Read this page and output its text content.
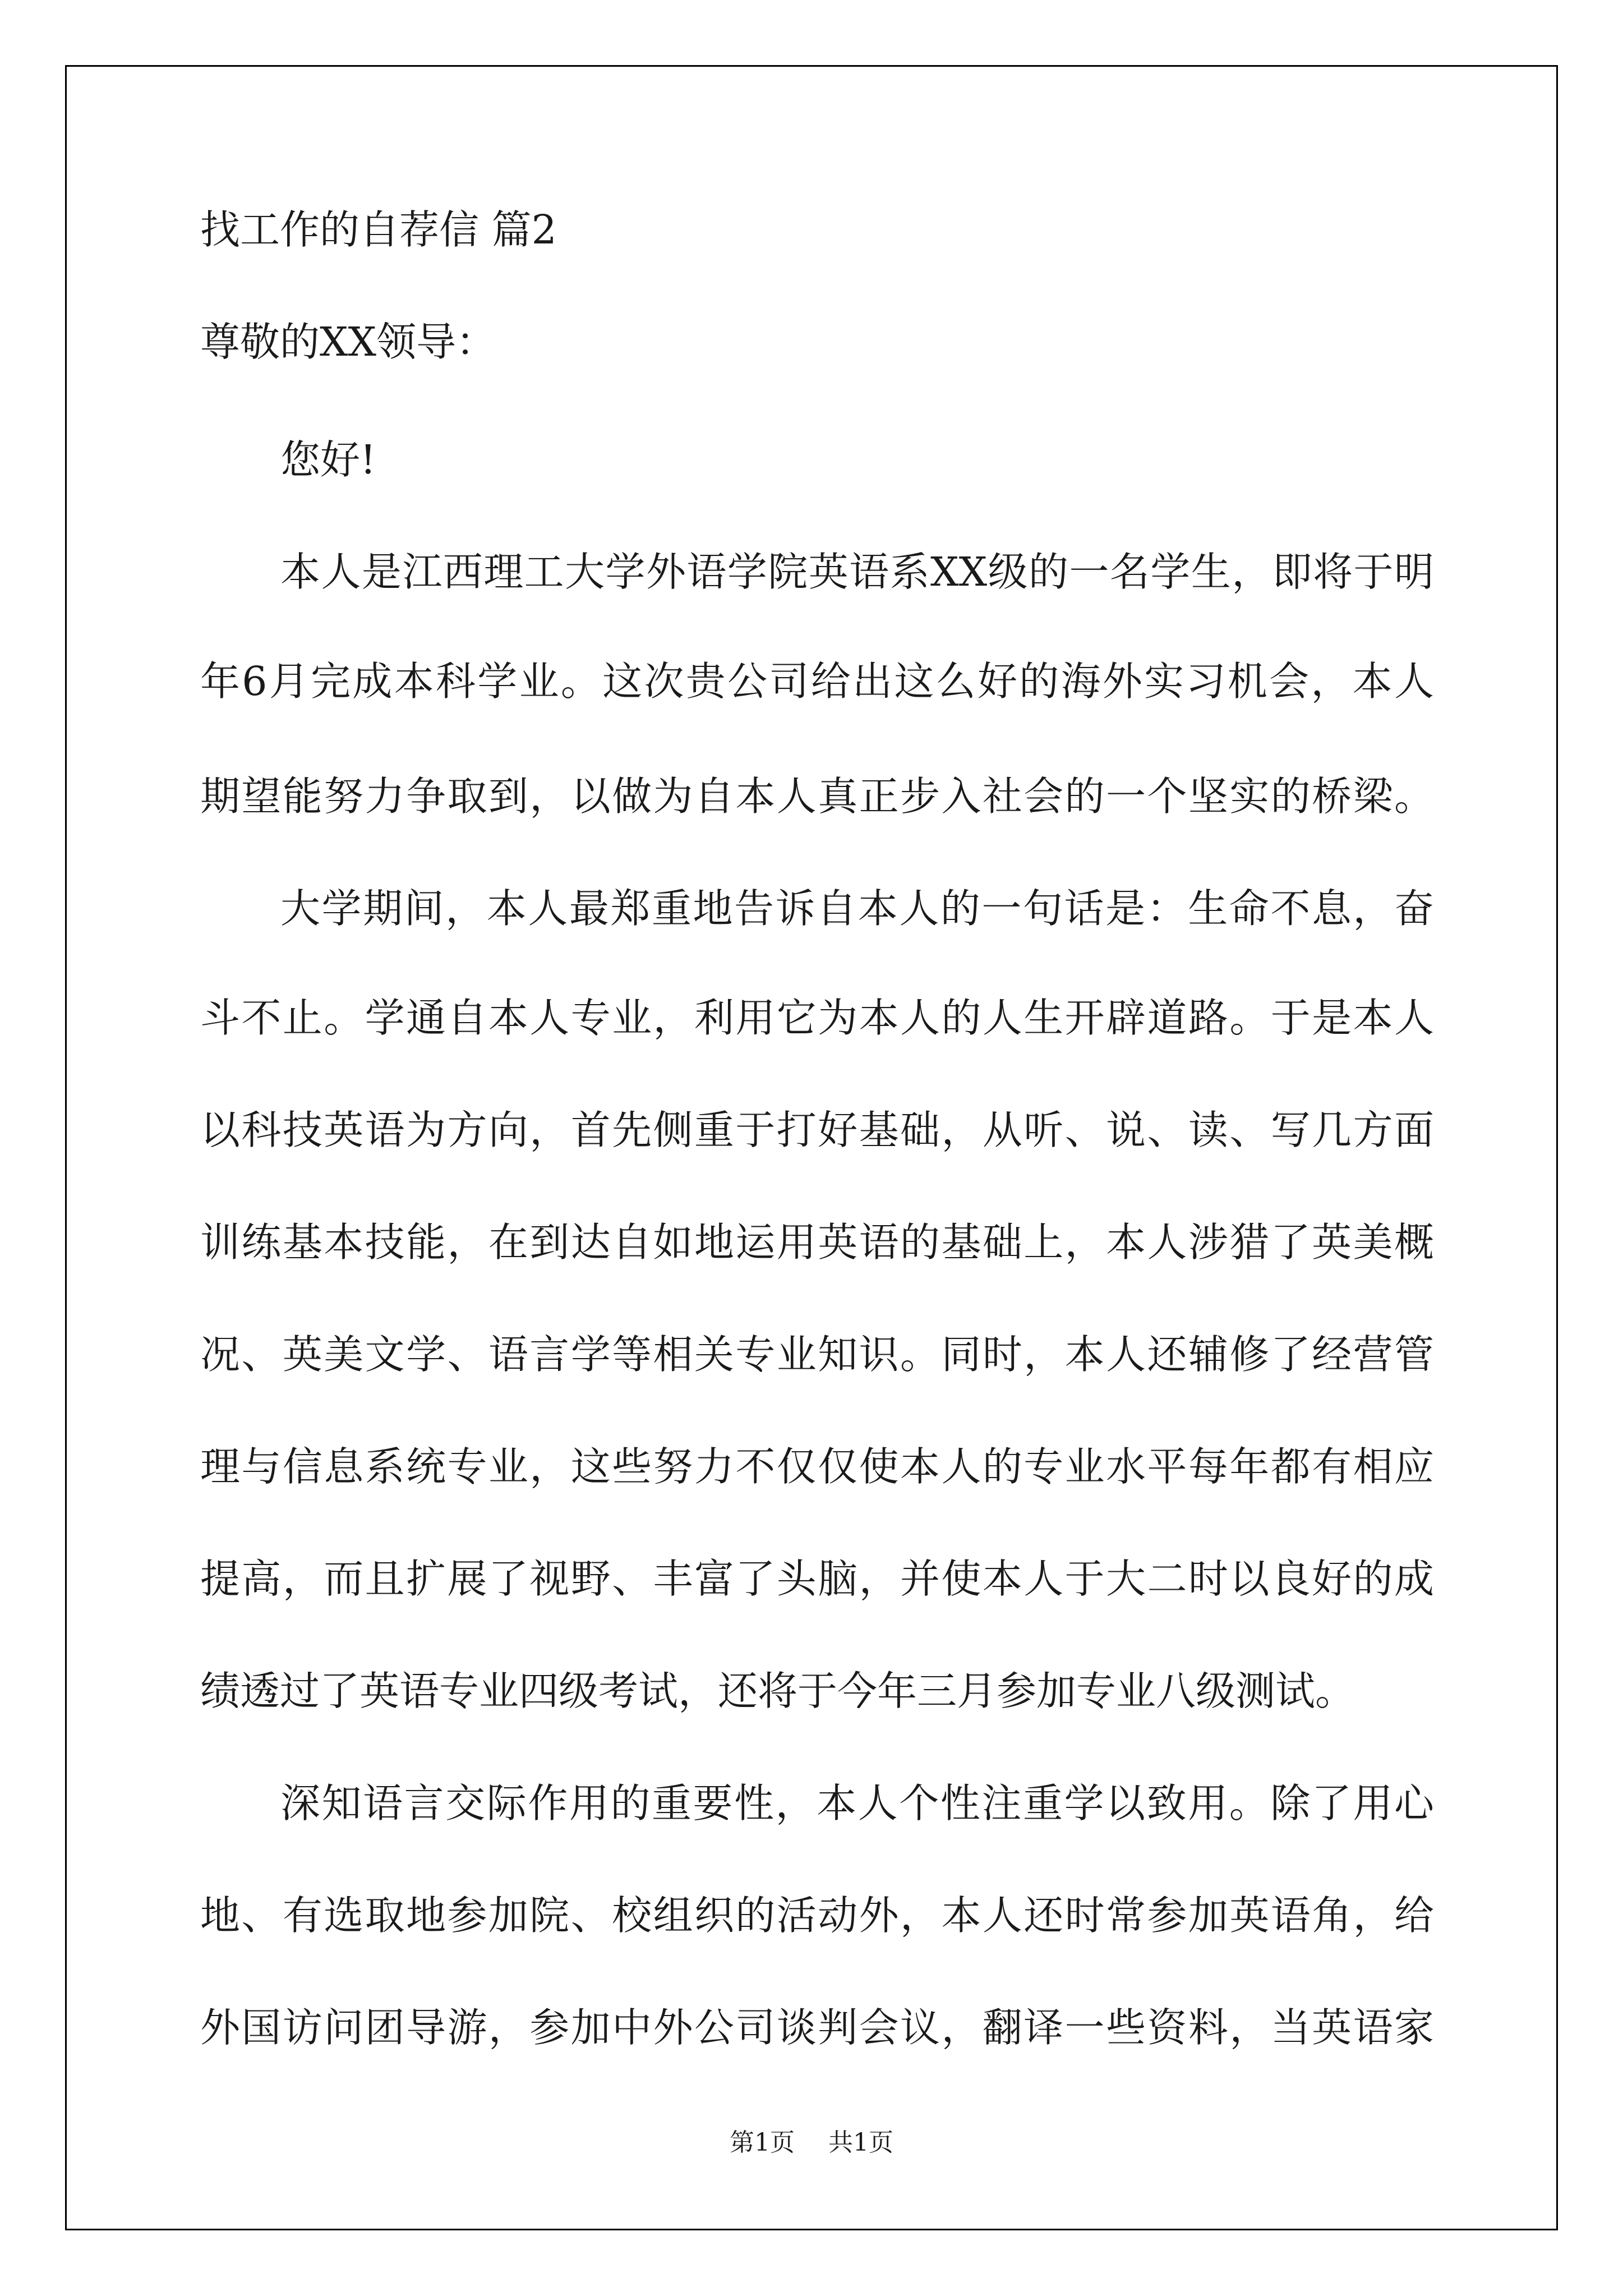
找工作的自荐信 篇2
尊敬的XX领导：
您好!
本人是江西理工大学外语学院英语系XX级的一名学生，即将于明
年6月完成本科学业。这次贵公司给出这么好的海外实习机会，本人
期望能努力争取到，以做为自本人真正步入社会的一个坚实的桥梁。
大学期间，本人最郑重地告诉自本人的一句话是：生命不息，奋
斗不止。学通自本人专业，利用它为本人的人生开辟道路。于是本人
以科技英语为方向，首先侧重于打好基础，从听、说、读、写几方面
训练基本技能，在到达自如地运用英语的基础上，本人涉猎了英美概
况、英美文学、语言学等相关专业知识。同时，本人还辅修了经营管
理与信息系统专业，这些努力不仅仅使本人的专业水平每年都有相应
提高，而且扩展了视野、丰富了头脑，并使本人于大二时以良好的成
绩透过了英语专业四级考试，还将于今年三月参加专业八级测试。
深知语言交际作用的重要性，本人个性注重学以致用。除了用心
地、有选取地参加院、校组织的活动外，本人还时常参加英语角，给
外国访问团导游，参加中外公司谈判会议，翻译一些资料，当英语家
第1页 共1页
